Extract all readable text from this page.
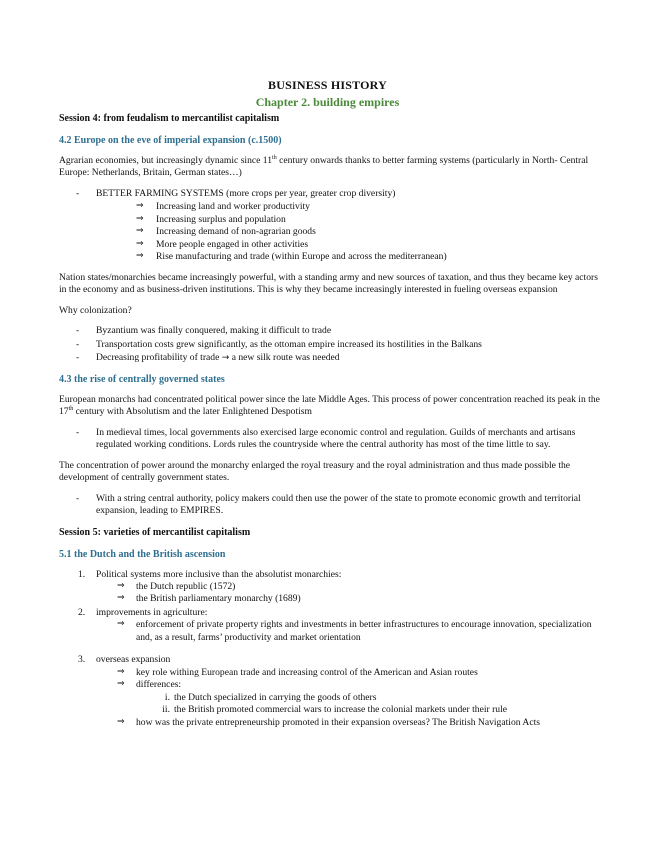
BUSINESS HISTORY
Chapter 2. building empires
Session 4: from feudalism to mercantilist capitalism
4.2 Europe on the eve of imperial expansion (c.1500)

Agrarian economies, but increasingly dynamic since 11th century onwards thanks to better farming systems (particularly in North- Central Europe: Netherlands, Britain, German states…)

- BETTER FARMING SYSTEMS (more crops per year, greater crop diversity)
⇒ Increasing land and worker productivity
⇒ Increasing surplus and population
⇒ Increasing demand of non-agrarian goods
⇒ More people engaged in other activities
⇒ Rise manufacturing and trade (within Europe and across the mediterranean)

Nation states/monarchies became increasingly powerful, with a standing army and new sources of taxation, and thus they became key actors in the economy and as business-driven institutions. This is why they became increasingly interested in fueling overseas expansion

Why colonization?

- Byzantium was finally conquered, making it difficult to trade
- Transportation costs grew significantly, as the ottoman empire increased its hostilities in the Balkans
- Decreasing profitability of trade → a new silk route was needed
4.3 the rise of centrally governed states

European monarchs had concentrated political power since the late Middle Ages. This process of power concentration reached its peak in the 17th century with Absolutism and the later Enlightened Despotism

- In medieval times, local governments also exercised large economic control and regulation. Guilds of merchants and artisans regulated working conditions. Lords rules the countryside where the central authority has most of the time little to say.

The concentration of power around the monarchy enlarged the royal treasury and the royal administration and thus made possible the development of centrally government states.

- With a string central authority, policy makers could then use the power of the state to promote economic growth and territorial expansion, leading to EMPIRES.
Session 5: varieties of mercantilist capitalism
5.1 the Dutch and the British ascension
1. Political systems more inclusive than the absolutist monarchies:
⇒ the Dutch republic (1572)
⇒ the British parliamentary monarchy (1689)
2. improvements in agriculture:
⇒ enforcement of private property rights and investments in better infrastructures to encourage innovation, specialization and, as a result, farms’ productivity and market orientation
3. overseas expansion
⇒ key role withing European trade and increasing control of the American and Asian routes
⇒ differences:
i. the Dutch specialized in carrying the goods of others
ii. the British promoted commercial wars to increase the colonial markets under their rule
⇒ how was the private entrepreneurship promoted in their expansion overseas? The British Navigation Acts
